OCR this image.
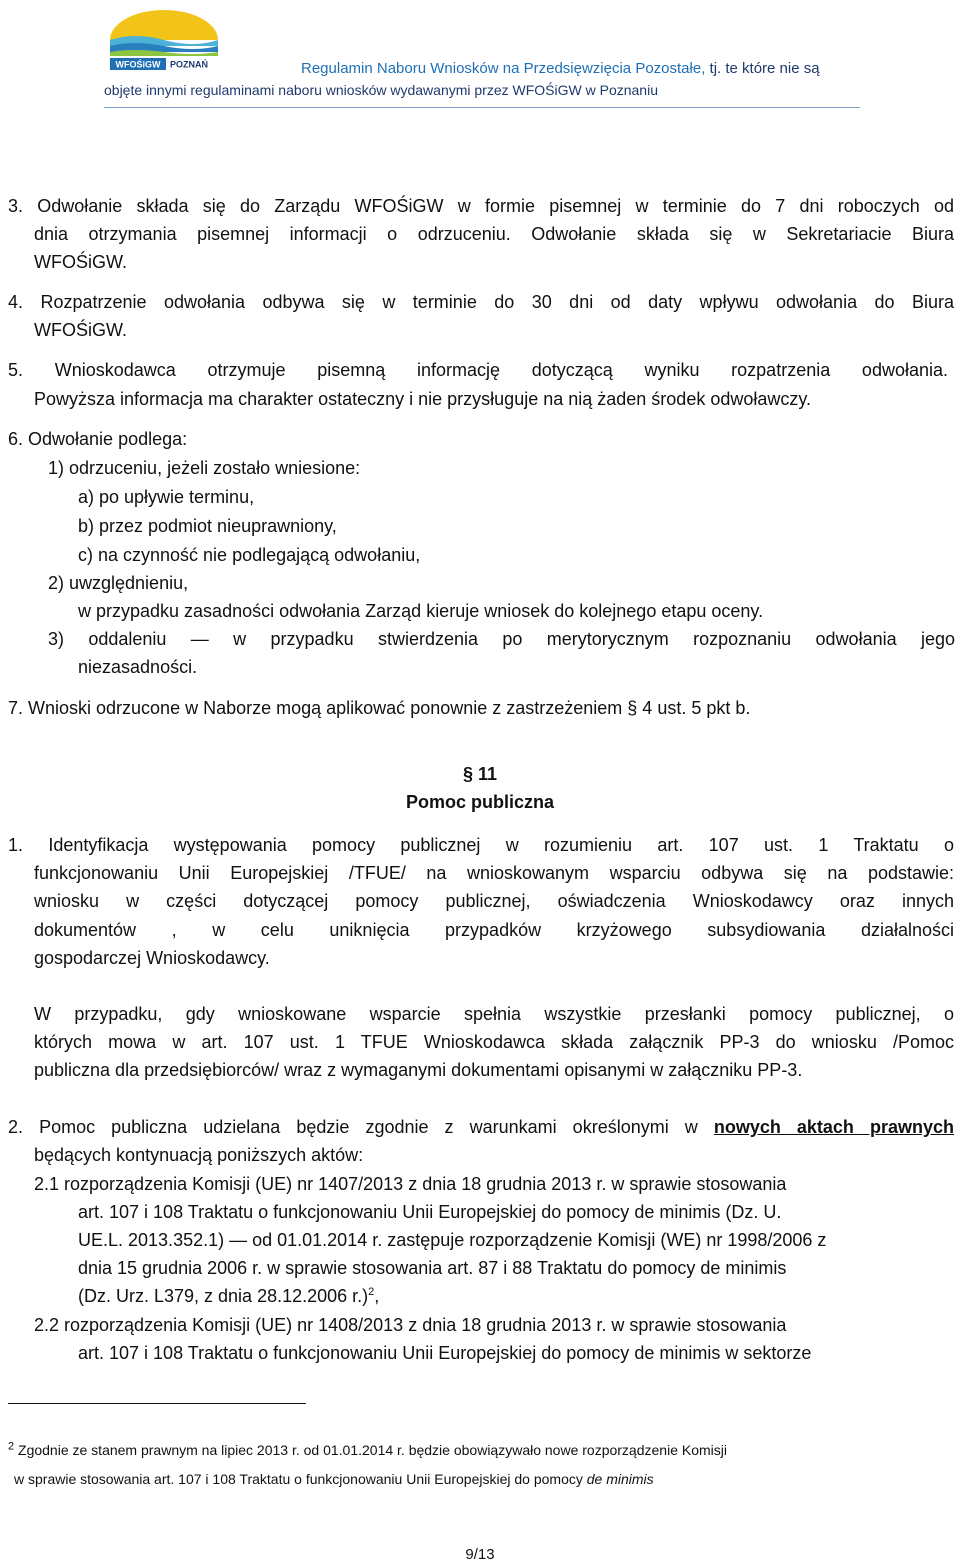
WFOŚiGW POZNAŃ	Regulamin Naboru Wniosków na Przedsięwzięcia Pozostałe, tj. te które nie są
objęte innymi regulaminami naboru wniosków wydawanymi przez WFOŚiGW w Poznaniu
3. Odwołanie składa się do Zarządu WFOŚiGW w formie pisemnej w terminie do 7 dni roboczych od
dnia otrzymania pisemnej informacji o odrzuceniu. Odwołanie składa się w Sekretariacie Biura
WFOŚiGW.
4. Rozpatrzenie odwołania odbywa się w terminie do 30 dni od daty wpływu odwołania do Biura
WFOŚiGW.
5. Wnioskodawca otrzymuje pisemną informację dotyczącą wyniku rozpatrzenia odwołania.
Powyższa informacja ma charakter ostateczny i nie przysługuje na nią żaden środek odwoławczy.
6. Odwołanie podlega:
1) odrzuceniu, jeżeli zostało wniesione:
a) po upływie terminu,
b) przez podmiot nieuprawniony,
c) na czynność nie podlegającą odwołaniu,
2) uwzględnieniu,
w przypadku zasadności odwołania Zarząd kieruje wniosek do kolejnego etapu oceny.
3) oddaleniu — w przypadku stwierdzenia po merytorycznym rozpoznaniu odwołania jego
niezasadności.
7. Wnioski odrzucone w Naborze mogą aplikować ponownie z zastrzeżeniem § 4 ust. 5 pkt b.
§ 11
Pomoc publiczna
1. Identyfikacja występowania pomocy publicznej w rozumieniu art. 107 ust. 1 Traktatu o
funkcjonowaniu Unii Europejskiej /TFUE/ na wnioskowanym wsparciu odbywa się na podstawie:
wniosku w części dotyczącej pomocy publicznej, oświadczenia Wnioskodawcy oraz innych
dokumentów , w celu uniknięcia przypadków krzyżowego subsydiowania działalności
gospodarczej Wnioskodawcy.
W przypadku, gdy wnioskowane wsparcie spełnia wszystkie przesłanki pomocy publicznej, o
których mowa w art. 107 ust. 1 TFUE Wnioskodawca składa załącznik PP-3 do wniosku /Pomoc
publiczna dla przedsiębiorców/ wraz z wymaganymi dokumentami opisanymi w załączniku PP-3.
2. Pomoc publiczna udzielana będzie zgodnie z warunkami określonymi w nowych aktach prawnych
będących kontynuacją poniższych aktów:
2.1 rozporządzenia Komisji (UE) nr 1407/2013 z dnia 18 grudnia 2013 r. w sprawie stosowania
art. 107 i 108 Traktatu o funkcjonowaniu Unii Europejskiej do pomocy de minimis (Dz. U.
UE.L. 2013.352.1) — od 01.01.2014 r. zastępuje rozporządzenie Komisji (WE) nr 1998/2006 z
dnia 15 grudnia 2006 r. w sprawie stosowania art. 87 i 88 Traktatu do pomocy de minimis
(Dz. Urz. L379, z dnia 28.12.2006 r.)$^2$,
2.2 rozporządzenia Komisji (UE) nr 1408/2013 z dnia 18 grudnia 2013 r. w sprawie stosowania
art. 107 i 108 Traktatu o funkcjonowaniu Unii Europejskiej do pomocy de minimis w sektorze
$^2$ Zgodnie ze stanem prawnym na lipiec 2013 r. od 01.01.2014 r. będzie obowiązywało nowe rozporządzenie Komisji
w sprawie stosowania art. 107 i 108 Traktatu o funkcjonowaniu Unii Europejskiej do pomocy de minimis
9/13
